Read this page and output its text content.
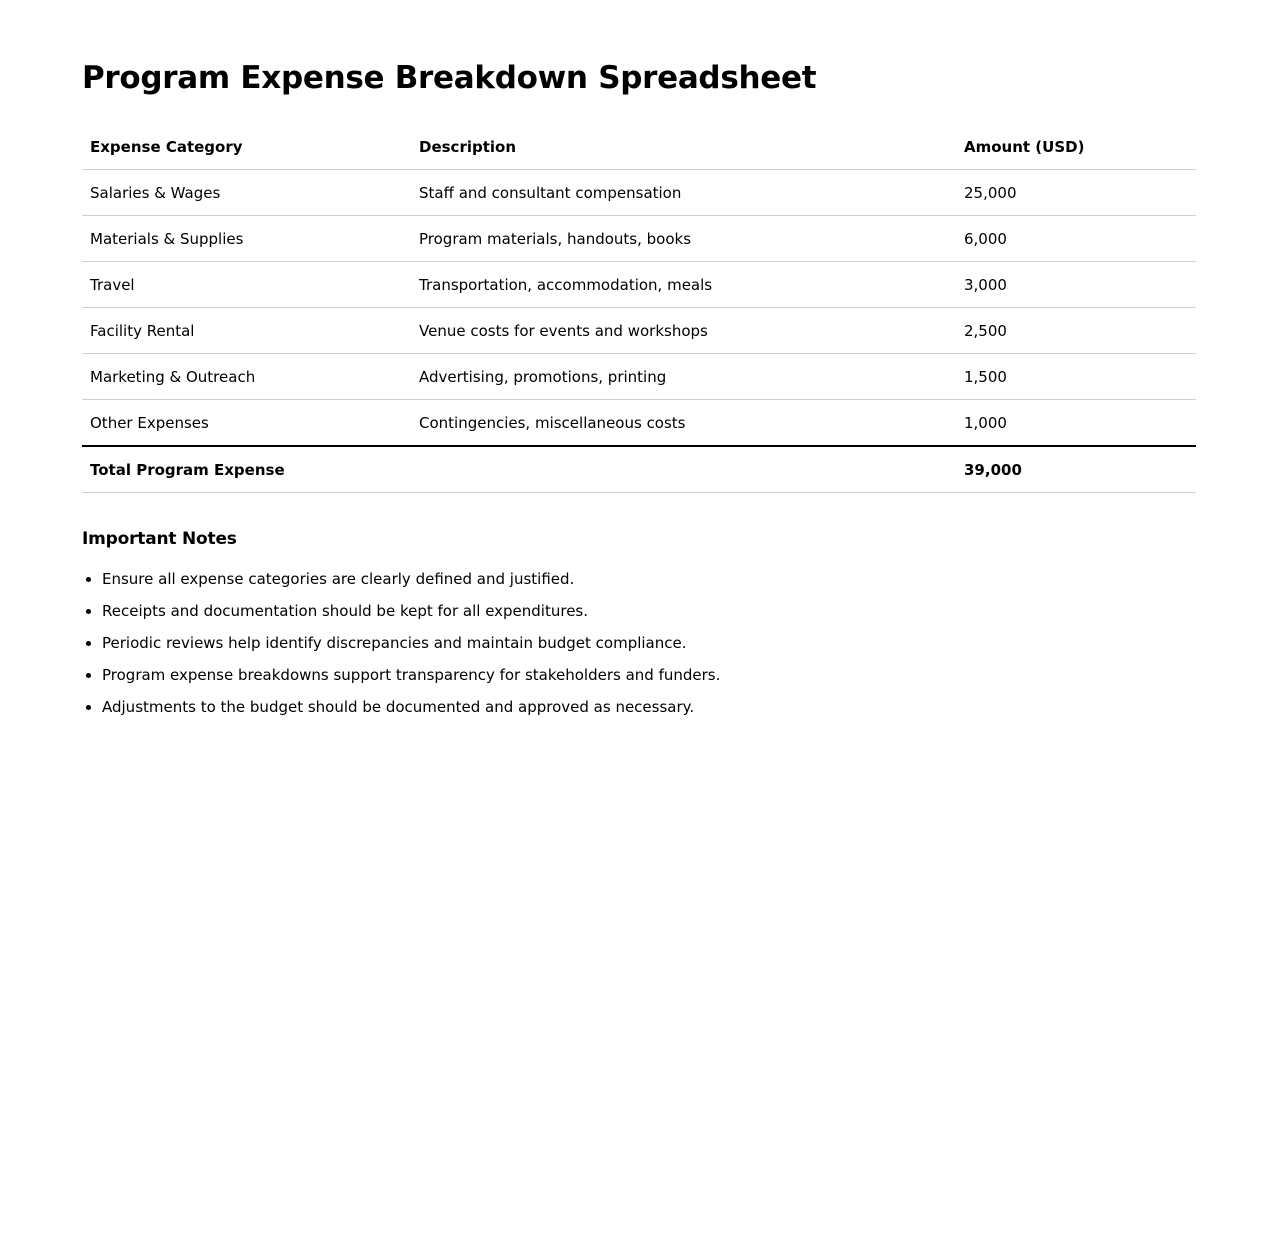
Program Expense Breakdown Spreadsheet
Expense Category	Description	Amount (USD)
Salaries & Wages	Staff and consultant compensation	25,000
Materials & Supplies	Program materials, handouts, books	6,000
Travel	Transportation, accommodation, meals	3,000
Facility Rental	Venue costs for events and workshops	2,500
Marketing & Outreach	Advertising, promotions, printing	1,500
Other Expenses	Contingencies, miscellaneous costs	1,000
Total Program Expense		39,000
Important Notes
• Ensure all expense categories are clearly defined and justified.
• Receipts and documentation should be kept for all expenditures.
• Periodic reviews help identify discrepancies and maintain budget compliance.
• Program expense breakdowns support transparency for stakeholders and funders.
• Adjustments to the budget should be documented and approved as necessary.
